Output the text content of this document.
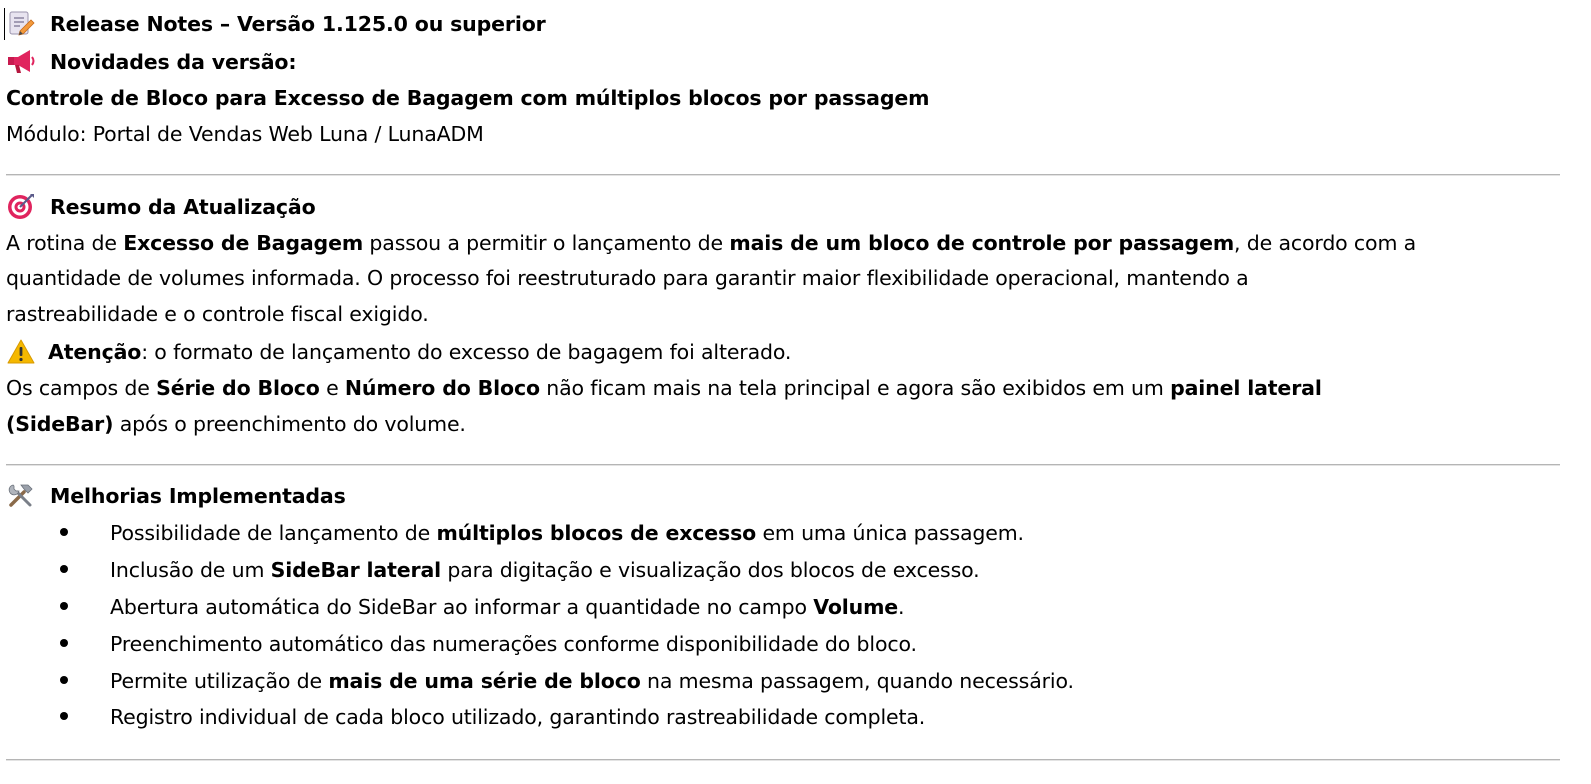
Release Notes – Versão 1.125.0 ou superior
Novidades da versão:
Controle de Bloco para Excesso de Bagagem com múltiplos blocos por passagem
Módulo: Portal de Vendas Web Luna / LunaADM
Resumo da Atualização
A rotina de Excesso de Bagagem passou a permitir o lançamento de mais de um bloco de controle por passagem, de acordo com a
quantidade de volumes informada. O processo foi reestruturado para garantir maior flexibilidade operacional, mantendo a
rastreabilidade e o controle fiscal exigido.
Atenção: o formato de lançamento do excesso de bagagem foi alterado.
Os campos de Série do Bloco e Número do Bloco não ficam mais na tela principal e agora são exibidos em um painel lateral
(SideBar) após o preenchimento do volume.
Melhorias Implementadas
Possibilidade de lançamento de múltiplos blocos de excesso em uma única passagem.
Inclusão de um SideBar lateral para digitação e visualização dos blocos de excesso.
Abertura automática do SideBar ao informar a quantidade no campo Volume.
Preenchimento automático das numerações conforme disponibilidade do bloco.
Permite utilização de mais de uma série de bloco na mesma passagem, quando necessário.
Registro individual de cada bloco utilizado, garantindo rastreabilidade completa.
